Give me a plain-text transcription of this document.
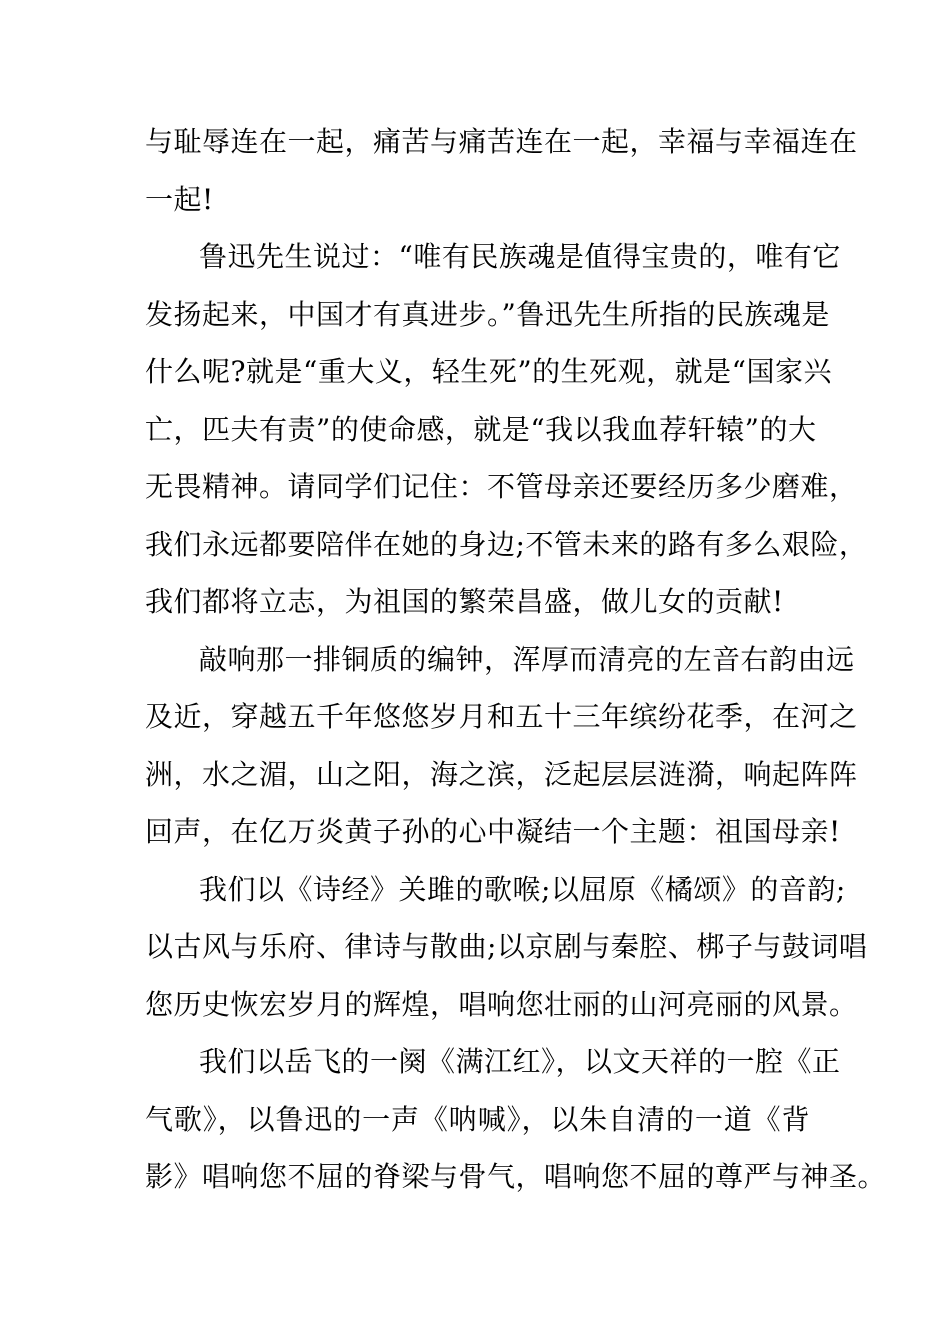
与耻辱连在一起，痛苦与痛苦连在一起，幸福与幸福连在
一起!
鲁迅先生说过：“唯有民族魂是值得宝贵的，唯有它
发扬起来，中国才有真进步。”鲁迅先生所指的民族魂是
什么呢?就是“重大义，轻生死”的生死观，就是“国家兴
亡，匹夫有责”的使命感，就是“我以我血荐轩辕”的大
无畏精神。请同学们记住：不管母亲还要经历多少磨难，
我们永远都要陪伴在她的身边;不管未来的路有多么艰险，
我们都将立志，为祖国的繁荣昌盛，做儿女的贡献!
敲响那一排铜质的编钟，浑厚而清亮的左音右韵由远
及近，穿越五千年悠悠岁月和五十三年缤纷花季，在河之
洲，水之湄，山之阳，海之滨，泛起层层涟漪，响起阵阵
回声，在亿万炎黄子孙的心中凝结一个主题：祖国母亲!
我们以《诗经》关雎的歌喉;以屈原《橘颂》的音韵;
以古风与乐府、律诗与散曲;以京剧与秦腔、梆子与鼓词唱
您历史恢宏岁月的辉煌，唱响您壮丽的山河亮丽的风景。
我们以岳飞的一阕《满江红》，以文天祥的一腔《正
气歌》，以鲁迅的一声《呐喊》，以朱自清的一道《背
影》唱响您不屈的脊梁与骨气，唱响您不屈的尊严与神圣。
